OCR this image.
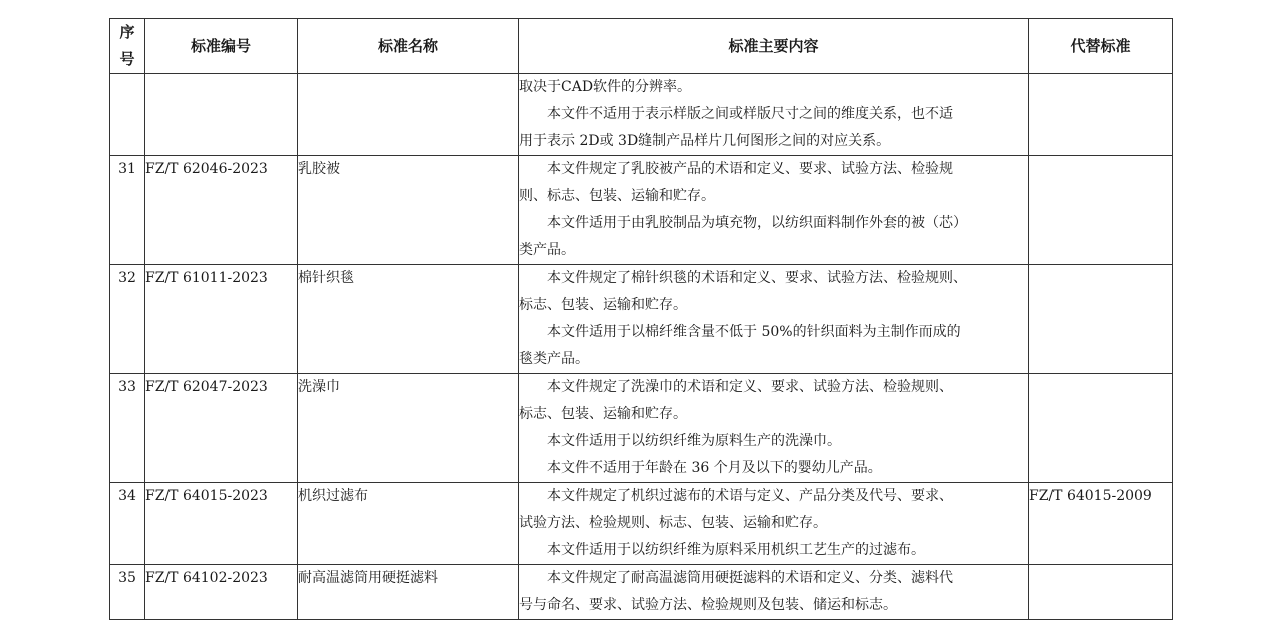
序
号	标准编号	标准名称	标准主要内容	代替标准

			取决于CAD软件的分辨率。
本文件不适用于表示样版之间或样版尺寸之间的维度关系，也不适
用于表示 2D或 3D缝制产品样片几何图形之间的对应关系。	

31	FZ/T 62046-2023	乳胶被	本文件规定了乳胶被产品的术语和定义、要求、试验方法、检验规
则、标志、包装、运输和贮存。
本文件适用于由乳胶制品为填充物，以纺织面料制作外套的被（芯）
类产品。	

32	FZ/T 61011-2023	棉针织毯	本文件规定了棉针织毯的术语和定义、要求、试验方法、检验规则、
标志、包装、运输和贮存。
本文件适用于以棉纤维含量不低于 50%的针织面料为主制作而成的
毯类产品。	

33	FZ/T 62047-2023	洗澡巾	本文件规定了洗澡巾的术语和定义、要求、试验方法、检验规则、
标志、包装、运输和贮存。
本文件适用于以纺织纤维为原料生产的洗澡巾。
本文件不适用于年龄在 36 个月及以下的婴幼儿产品。	

34	FZ/T 64015-2023	机织过滤布	本文件规定了机织过滤布的术语与定义、产品分类及代号、要求、
试验方法、检验规则、标志、包装、运输和贮存。
本文件适用于以纺织纤维为原料采用机织工艺生产的过滤布。	FZ/T 64015-2009
35	FZ/T 64102-2023	耐高温滤筒用硬挺滤料	本文件规定了耐高温滤筒用硬挺滤料的术语和定义、分类、滤料代
号与命名、要求、试验方法、检验规则及包装、储运和标志。	
